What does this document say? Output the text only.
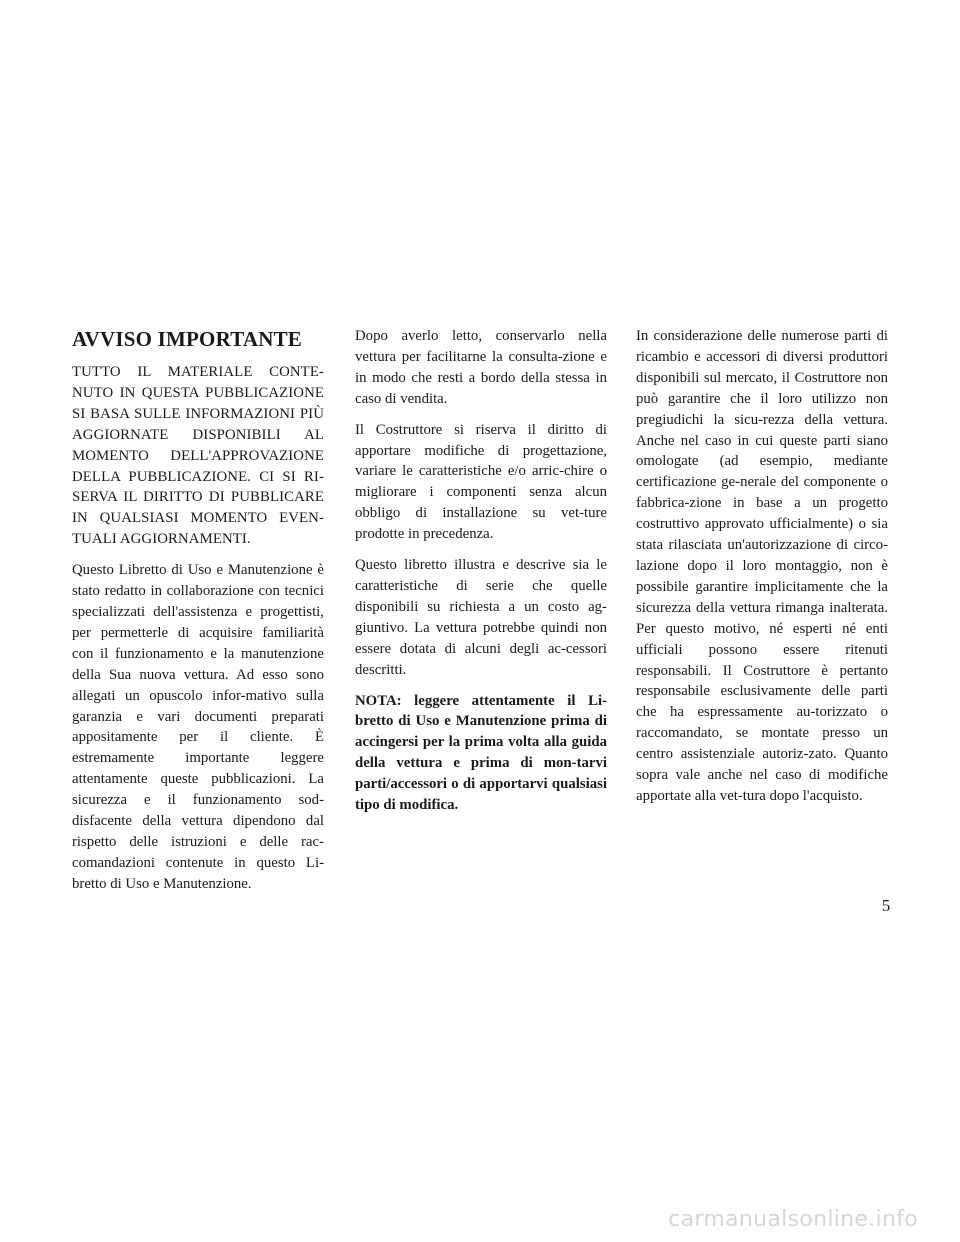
AVVISO IMPORTANTE

TUTTO IL MATERIALE CONTE-NUTO IN QUESTA PUBBLICAZIONE SI BASA SULLE INFORMAZIONI PIÙ AGGIORNATE DISPONIBILI AL MOMENTO DELL'APPROVAZIONE DELLA PUBBLICAZIONE. CI SI RI-SERVA IL DIRITTO DI PUBBLICARE IN QUALSIASI MOMENTO EVEN-TUALI AGGIORNAMENTI.

Questo Libretto di Uso e Manutenzione è stato redatto in collaborazione con tecnici specializzati dell'assistenza e progettisti, per permetterle di acquisire familiarità con il funzionamento e la manutenzione della Sua nuova vettura. Ad esso sono allegati un opuscolo infor-mativo sulla garanzia e vari documenti preparati appositamente per il cliente. È estremamente importante leggere attentamente queste pubblicazioni. La sicurezza e il funzionamento sod-disfacente della vettura dipendono dal rispetto delle istruzioni e delle rac-comandazioni contenute in questo Li-bretto di Uso e Manutenzione.

Dopo averlo letto, conservarlo nella vettura per facilitarne la consulta-zione e in modo che resti a bordo della stessa in caso di vendita.

Il Costruttore si riserva il diritto di apportare modifiche di progettazione, variare le caratteristiche e/o arric-chire o migliorare i componenti senza alcun obbligo di installazione su vet-ture prodotte in precedenza.

Questo libretto illustra e descrive sia le caratteristiche di serie che quelle disponibili su richiesta a un costo ag-giuntivo. La vettura potrebbe quindi non essere dotata di alcuni degli ac-cessori descritti.

NOTA: leggere attentamente il Li-bretto di Uso e Manutenzione prima di accingersi per la prima volta alla guida della vettura e prima di mon-tarvi parti/accessori o di apportarvi qualsiasi tipo di modifica.

In considerazione delle numerose parti di ricambio e accessori di diversi produttori disponibili sul mercato, il Costruttore non può garantire che il loro utilizzo non pregiudichi la sicu-rezza della vettura. Anche nel caso in cui queste parti siano omologate (ad esempio, mediante certificazione ge-nerale del componente o fabbrica-zione in base a un progetto costruttivo approvato ufficialmente) o sia stata rilasciata un'autorizzazione di circo-lazione dopo il loro montaggio, non è possibile garantire implicitamente che la sicurezza della vettura rimanga inalterata. Per questo motivo, né esperti né enti ufficiali possono essere ritenuti responsabili. Il Costruttore è pertanto responsabile esclusivamente delle parti che ha espressamente au-torizzato o raccomandato, se montate presso un centro assistenziale autoriz-zato. Quanto sopra vale anche nel caso di modifiche apportate alla vet-tura dopo l'acquisto.

5
carmanualsonline.info
